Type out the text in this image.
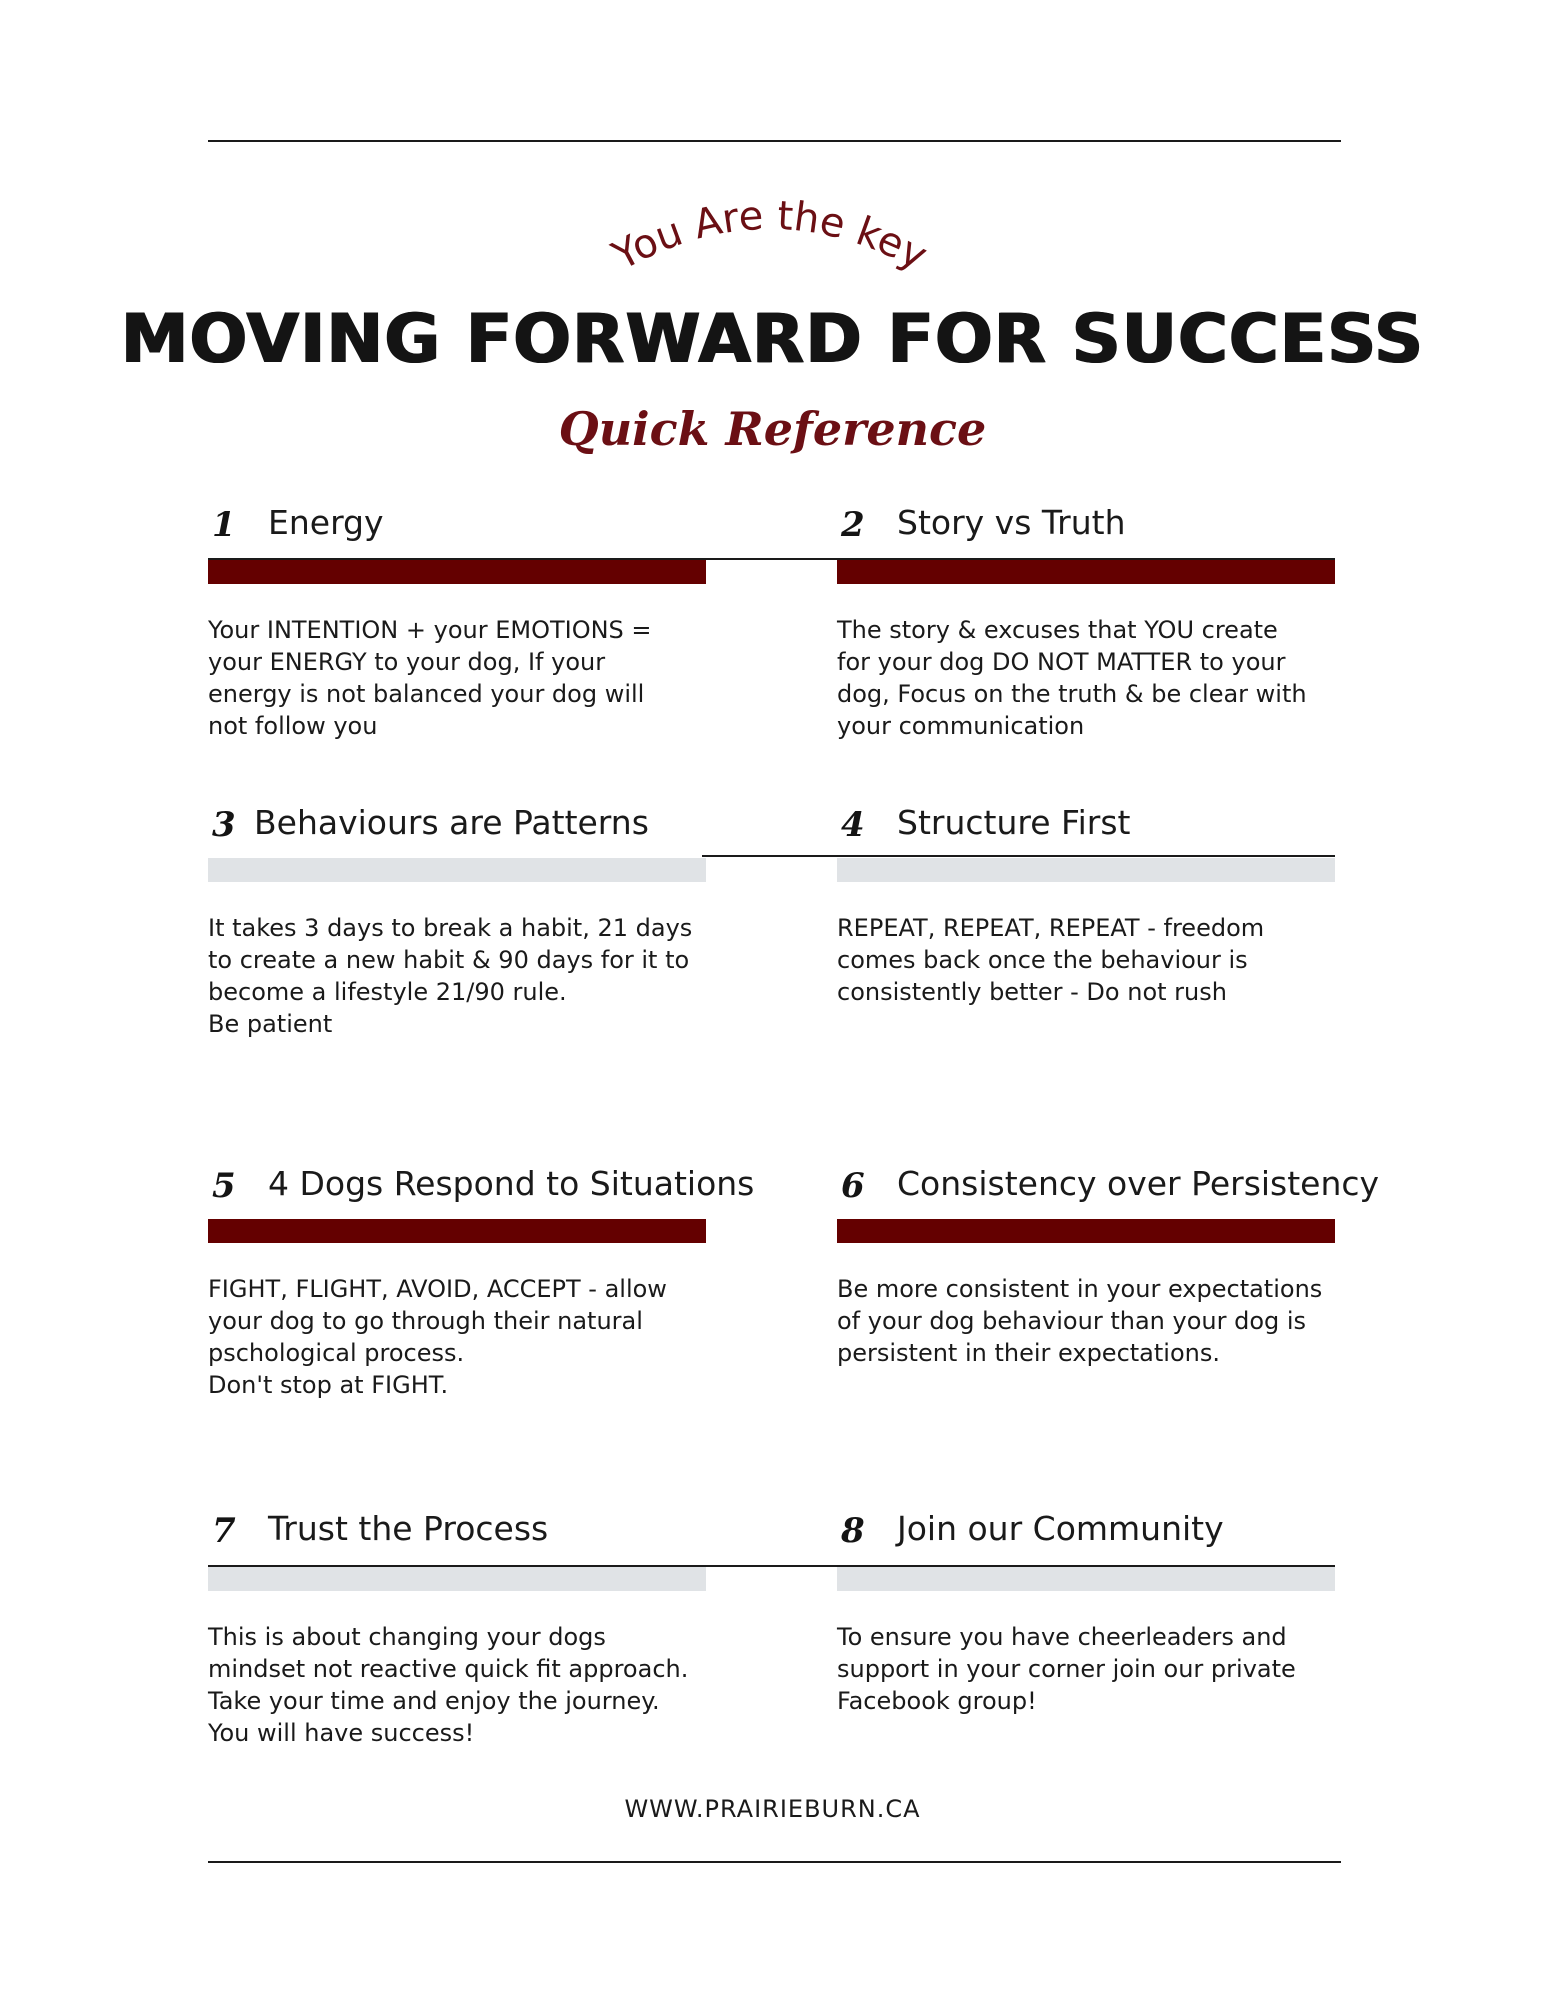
You Are the key
MOVING FORWARD FOR SUCCESS
Quick Reference
1 Energy
Your INTENTION + your EMOTIONS =
your ENERGY to your dog, If your
energy is not balanced your dog will
not follow you
2 Story vs Truth
The story & excuses that YOU create
for your dog DO NOT MATTER to your
dog, Focus on the truth & be clear with
your communication
3 Behaviours are Patterns
It takes 3 days to break a habit, 21 days
to create a new habit & 90 days for it to
become a lifestyle 21/90 rule.
Be patient
4 Structure First
REPEAT, REPEAT, REPEAT - freedom
comes back once the behaviour is
consistently better - Do not rush
5 4 Dogs Respond to Situations
FIGHT, FLIGHT, AVOID, ACCEPT - allow
your dog to go through their natural
pschological process.
Don't stop at FIGHT.
6 Consistency over Persistency
Be more consistent in your expectations
of your dog behaviour than your dog is
persistent in their expectations.
7 Trust the Process
This is about changing your dogs
mindset not reactive quick fit approach.
Take your time and enjoy the journey.
You will have success!
8 Join our Community
To ensure you have cheerleaders and
support in your corner join our private
Facebook group!
WWW.PRAIRIEBURN.CA
